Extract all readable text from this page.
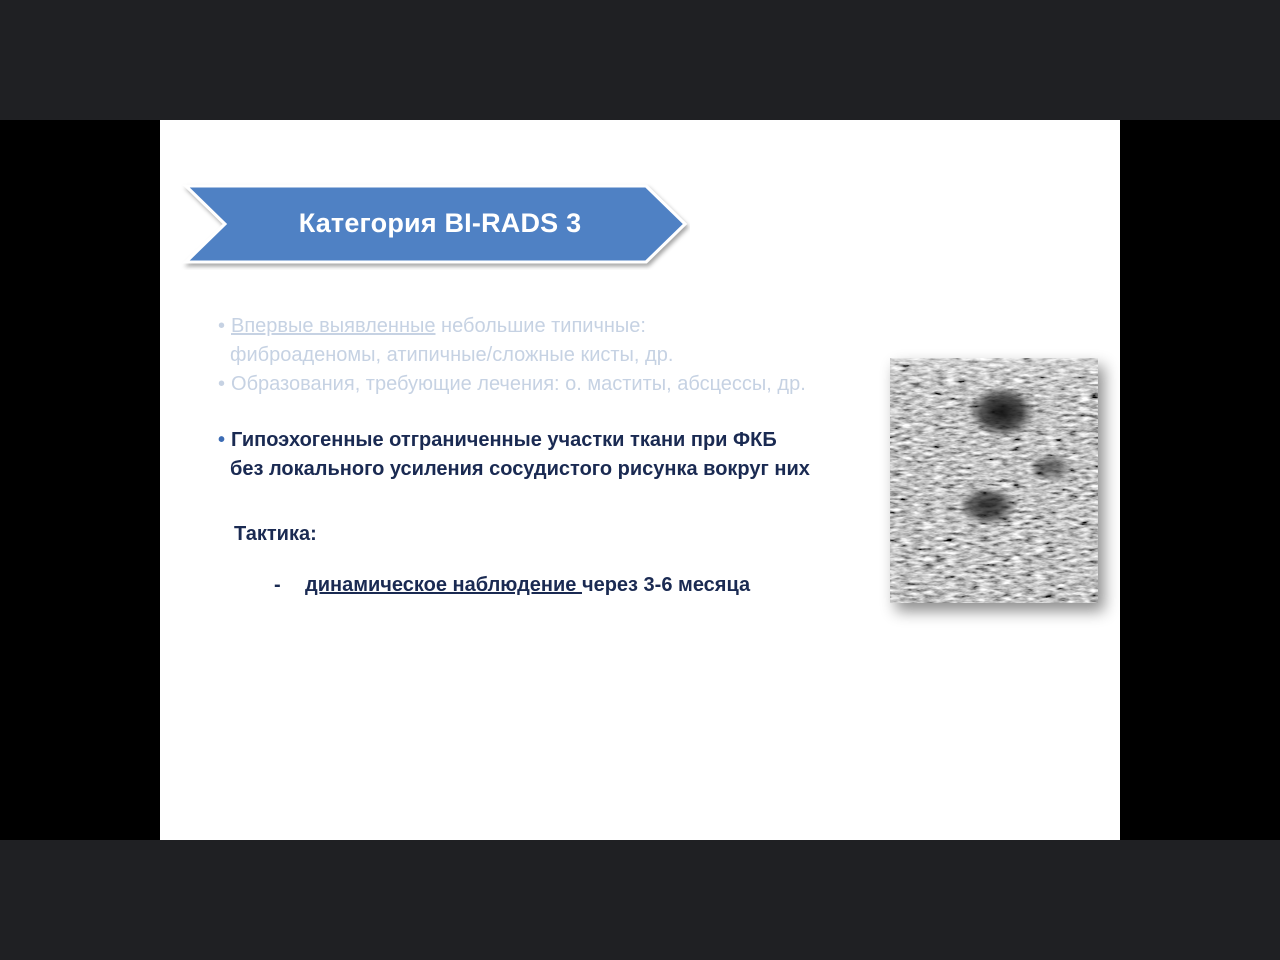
Категория BI-RADS 3
• Впервые выявленные небольшие типичные:
фиброаденомы, атипичные/сложные кисты, др.
• Образования, требующие лечения: о. маститы, абсцессы, др.
• Гипоэхогенные отграниченные участки ткани при ФКБ
без локального усиления сосудистого рисунка вокруг них
Тактика:
- динамическое наблюдение через 3-6 месяца
